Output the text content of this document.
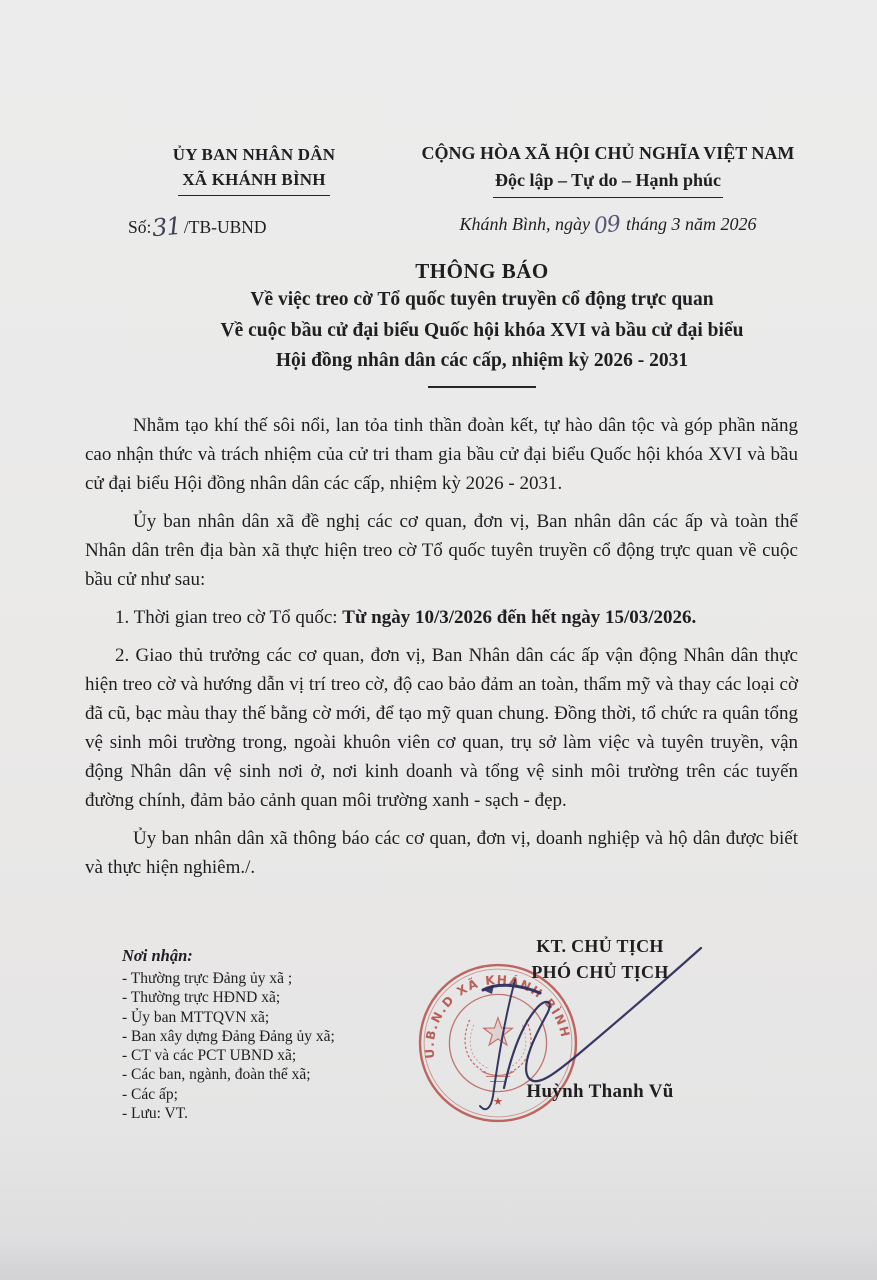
ỦY BAN NHÂN DÂN
XÃ KHÁNH BÌNH
Số:31 /TB-UBND
CỘNG HÒA XÃ HỘI CHỦ NGHĨA VIỆT NAM
Độc lập – Tự do – Hạnh phúc
Khánh Bình, ngày 09 tháng 3 năm 2026
THÔNG BÁO
Về việc treo cờ Tổ quốc tuyên truyền cổ động trực quan
Về cuộc bầu cử đại biểu Quốc hội khóa XVI và bầu cử đại biểu
Hội đồng nhân dân các cấp, nhiệm kỳ 2026 - 2031

Nhằm tạo khí thế sôi nổi, lan tỏa tinh thần đoàn kết, tự hào dân tộc và góp phần năng cao nhận thức và trách nhiệm của cử tri tham gia bầu cử đại biểu Quốc hội khóa XVI và bầu cử đại biểu Hội đồng nhân dân các cấp, nhiệm kỳ 2026 - 2031.

Ủy ban nhân dân xã đề nghị các cơ quan, đơn vị, Ban nhân dân các ấp và toàn thể Nhân dân trên địa bàn xã thực hiện treo cờ Tổ quốc tuyên truyền cổ động trực quan về cuộc bầu cử như sau:

1. Thời gian treo cờ Tổ quốc: Từ ngày 10/3/2026 đến hết ngày 15/03/2026.

2. Giao thủ trưởng các cơ quan, đơn vị, Ban Nhân dân các ấp vận động Nhân dân thực hiện treo cờ và hướng dẫn vị trí treo cờ, độ cao bảo đảm an toàn, thẩm mỹ và thay các loại cờ đã cũ, bạc màu thay thế bằng cờ mới, để tạo mỹ quan chung. Đồng thời, tổ chức ra quân tổng vệ sinh môi trường trong, ngoài khuôn viên cơ quan, trụ sở làm việc và tuyên truyền, vận động Nhân dân vệ sinh nơi ở, nơi kinh doanh và tổng vệ sinh môi trường trên các tuyến đường chính, đảm bảo cảnh quan môi trường xanh - sạch - đẹp.

Ủy ban nhân dân xã thông báo các cơ quan, đơn vị, doanh nghiệp và hộ dân được biết và thực hiện nghiêm./.

Nơi nhận:
- Thường trực Đảng ủy xã ;
- Thường trực HĐND xã;
- Ủy ban MTTQVN xã;
- Ban xây dựng Đảng Đảng ủy xã;
- CT và các PCT UBND xã;
- Các ban, ngành, đoàn thể xã;
- Các ấp;
- Lưu: VT.
U.B.N.D XÃ KHÁNH BÌNH
★
KT. CHỦ TỊCH
PHÓ CHỦ TỊCH
Huỳnh Thanh Vũ
